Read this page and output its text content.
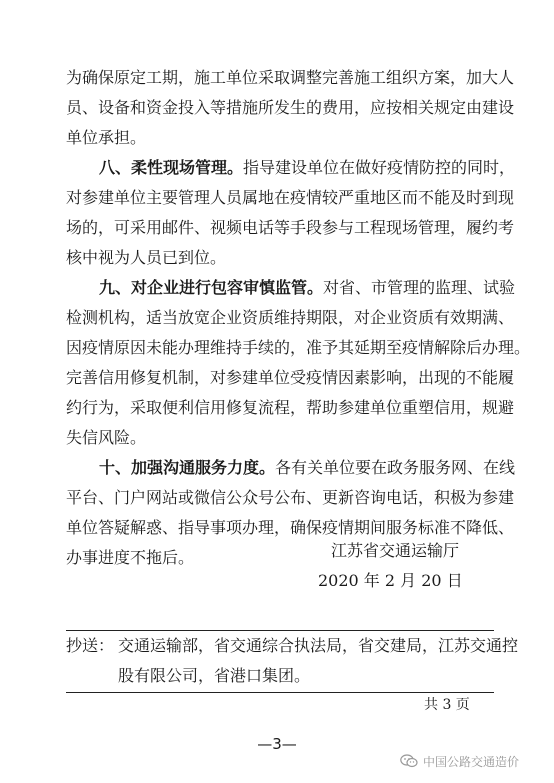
为确保原定工期，施工单位采取调整完善施工组织方案，加大人
员、设备和资金投入等措施所发生的费用，应按相关规定由建设
单位承担。
八、柔性现场管理。指导建设单位在做好疫情防控的同时，
对参建单位主要管理人员属地在疫情较严重地区而不能及时到现
场的，可采用邮件、视频电话等手段参与工程现场管理，履约考
核中视为人员已到位。
九、对企业进行包容审慎监管。对省、市管理的监理、试验
检测机构，适当放宽企业资质维持期限，对企业资质有效期满、
因疫情原因未能办理维持手续的，准予其延期至疫情解除后办理。
完善信用修复机制，对参建单位受疫情因素影响，出现的不能履
约行为，采取便利信用修复流程，帮助参建单位重塑信用，规避
失信风险。
十、加强沟通服务力度。各有关单位要在政务服务网、在线
平台、门户网站或微信公众号公布、更新咨询电话，积极为参建
单位答疑解惑、指导事项办理，确保疫情期间服务标准不降低、
办事进度不拖后。	江苏省交通运输厅
2020 年 2 月 20 日
抄送： 交通运输部，省交通综合执法局，省交建局，江苏交通控
股有限公司，省港口集团。
共 3 页
—3—
中国公路交通造价
